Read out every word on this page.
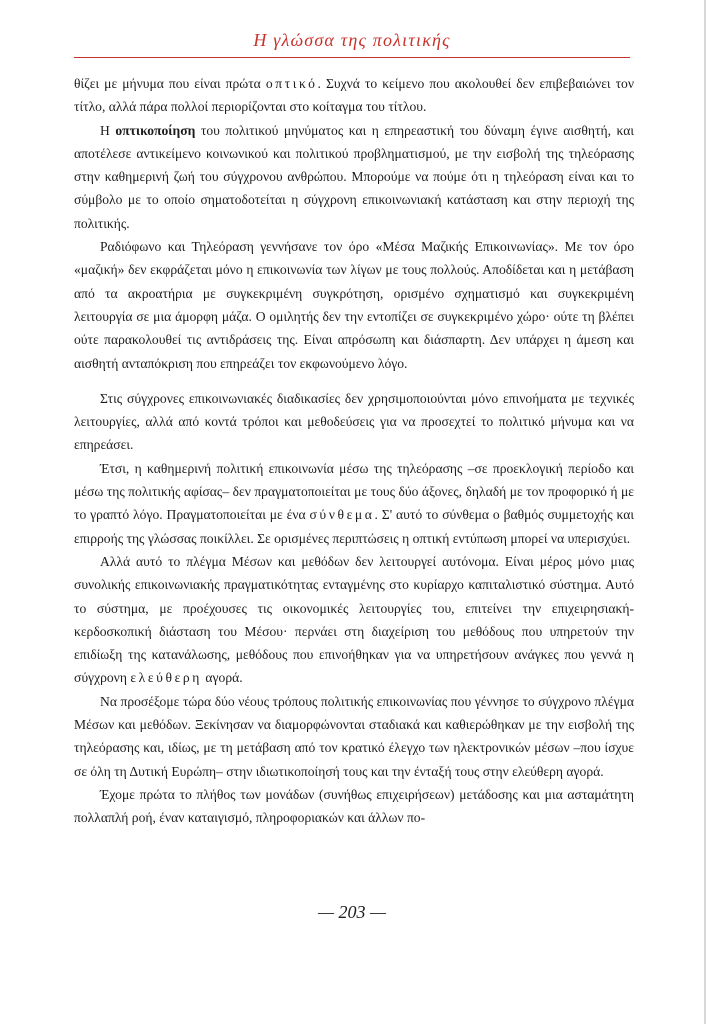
Η γλώσσα της πολιτικής

θίζει με μήνυμα που είναι πρώτα οπτικό. Συχνά το κείμενο που ακολουθεί δεν επιβεβαιώνει τον τίτλο, αλλά πάρα πολλοί περιορίζονται στο κοίταγμα του τίτλου.

Η οπτικοποίηση του πολιτικού μηνύματος και η επηρεαστική του δύναμη έγινε αισθητή, και αποτέλεσε αντικείμενο κοινωνικού και πολιτικού προβληματισμού, με την εισβολή της τηλεόρασης στην καθημερινή ζωή του σύγχρονου ανθρώπου. Μπορούμε να πούμε ότι η τηλεόραση είναι και το σύμβολο με το οποίο σηματοδοτείται η σύγχρονη επικοινωνιακή κατάσταση και στην περιοχή της πολιτικής.

Ραδιόφωνο και Τηλεόραση γεννήσανε τον όρο «Μέσα Μαζικής Επικοινωνίας». Με τον όρο «μαζική» δεν εκφράζεται μόνο η επικοινωνία των λίγων με τους πολλούς. Αποδίδεται και η μετάβαση από τα ακροατήρια με συγκεκριμένη συγκρότηση, ορισμένο σχηματισμό και συγκεκριμένη λειτουργία σε μια άμορφη μάζα. Ο ομιλητής δεν την εντοπίζει σε συγκεκριμένο χώρο· ούτε τη βλέπει ούτε παρακολουθεί τις αντιδράσεις της. Είναι απρόσωπη και διάσπαρτη. Δεν υπάρχει η άμεση και αισθητή ανταπόκριση που επηρεάζει τον εκφωνούμενο λόγο.

Στις σύγχρονες επικοινωνιακές διαδικασίες δεν χρησιμοποιούνται μόνο επινοήματα με τεχνικές λειτουργίες, αλλά από κοντά τρόποι και μεθοδεύσεις για να προσεχτεί το πολιτικό μήνυμα και να επηρεάσει.

Έτσι, η καθημερινή πολιτική επικοινωνία μέσω της τηλεόρασης –σε προεκλογική περίοδο και μέσω της πολιτικής αφίσας– δεν πραγματοποιείται με τους δύο άξονες, δηλαδή με τον προφορικό ή με το γραπτό λόγο. Πραγματοποιείται με ένα σύνθεμα. Σ' αυτό το σύνθεμα ο βαθμός συμμετοχής και επιρροής της γλώσσας ποικίλλει. Σε ορισμένες περιπτώσεις η οπτική εντύπωση μπορεί να υπερισχύει.

Αλλά αυτό το πλέγμα Μέσων και μεθόδων δεν λειτουργεί αυτόνομα. Είναι μέρος μόνο μιας συνολικής επικοινωνιακής πραγματικότητας ενταγμένης στο κυρίαρχο καπιταλιστικό σύστημα. Αυτό το σύστημα, με προέχουσες τις οικονομικές λειτουργίες του, επιτείνει την επιχειρησιακή-κερδοσκοπική διάσταση του Μέσου· περνάει στη διαχείριση του μεθόδους που υπηρετούν την επιδίωξη της κατανάλωσης, μεθόδους που επινοήθηκαν για να υπηρετήσουν ανάγκες που γεννά η σύγχρονη ελεύθερη αγορά.

Να προσέξομε τώρα δύο νέους τρόπους πολιτικής επικοινωνίας που γέννησε το σύγχρονο πλέγμα Μέσων και μεθόδων. Ξεκίνησαν να διαμορφώνονται σταδιακά και καθιερώθηκαν με την εισβολή της τηλεόρασης και, ιδίως, με τη μετάβαση από τον κρατικό έλεγχο των ηλεκτρονικών μέσων –που ίσχυε σε όλη τη Δυτική Ευρώπη– στην ιδιωτικοποίησή τους και την ένταξή τους στην ελεύθερη αγορά.

Έχομε πρώτα το πλήθος των μονάδων (συνήθως επιχειρήσεων) μετάδοσης και μια ασταμάτητη πολλαπλή ροή, έναν καταιγισμό, πληροφοριακών και άλλων πο-

— 203 —
